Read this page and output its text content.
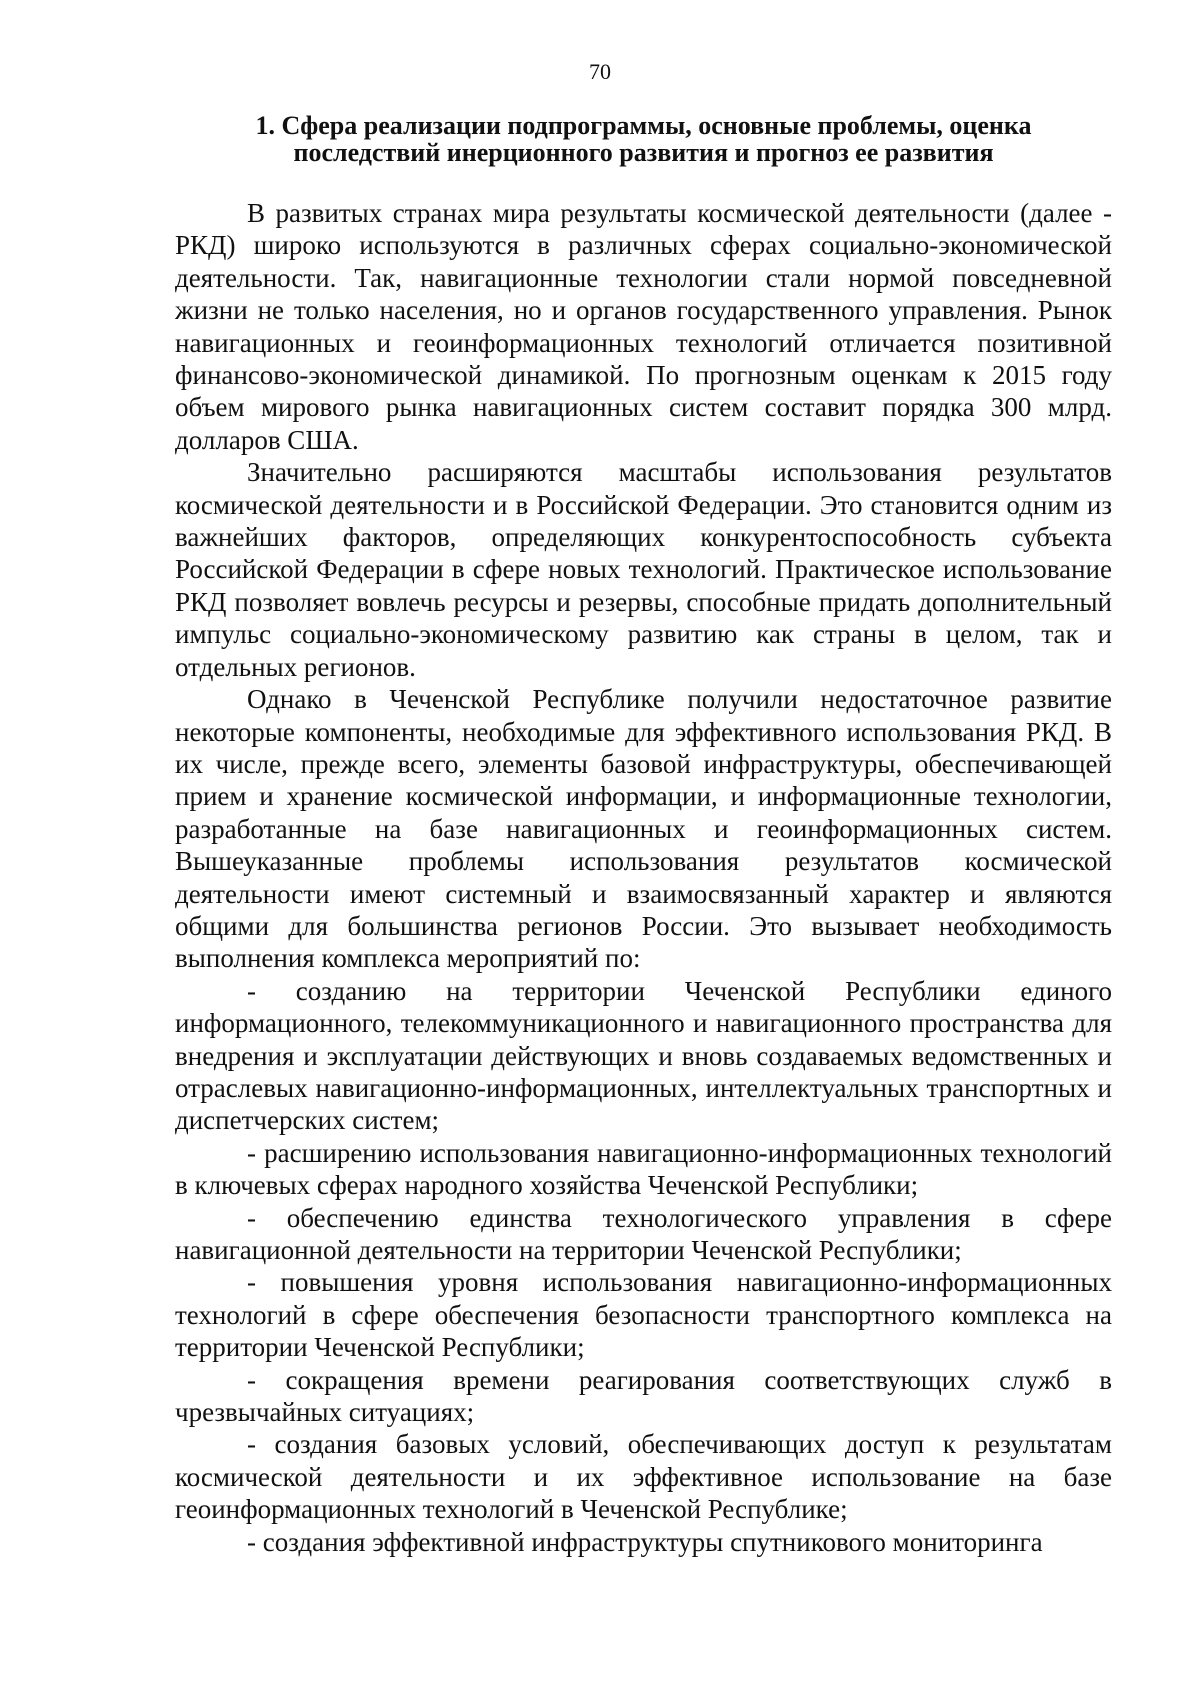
70
1. Сфера реализации подпрограммы, основные проблемы, оценка
последствий инерционного развития и прогноз ее развития

В развитых странах мира результаты космической деятельности (далее - РКД) широко используются в различных сферах социально-экономической деятельности. Так, навигационные технологии стали нормой повседневной жизни не только населения, но и органов государственного управления. Рынок навигационных и геоинформационных технологий отличается позитивной финансово-экономической динамикой. По прогнозным оценкам к 2015 году объем мирового рынка навигационных систем составит порядка 300 млрд. долларов США.

Значительно расширяются масштабы использования результатов космической деятельности и в Российской Федерации. Это становится одним из важнейших факторов, определяющих конкурентоспособность субъекта Российской Федерации в сфере новых технологий. Практическое использование РКД позволяет вовлечь ресурсы и резервы, способные придать дополнительный импульс социально-экономическому развитию как страны в целом, так и отдельных регионов.

Однако в Чеченской Республике получили недостаточное развитие некоторые компоненты, необходимые для эффективного использования РКД. В их числе, прежде всего, элементы базовой инфраструктуры, обеспечивающей прием и хранение космической информации, и информационные технологии, разработанные на базе навигационных и геоинформационных систем. Вышеуказанные проблемы использования результатов космической деятельности имеют системный и взаимосвязанный характер и являются общими для большинства регионов России. Это вызывает необходимость выполнения комплекса мероприятий по:

- созданию на территории Чеченской Республики единого информационного, телекоммуникационного и навигационного пространства для внедрения и эксплуатации действующих и вновь создаваемых ведомственных и отраслевых навигационно-информационных, интеллектуальных транспортных и диспетчерских систем;

- расширению использования навигационно-информационных технологий в ключевых сферах народного хозяйства Чеченской Республики;

- обеспечению единства технологического управления в сфере навигационной деятельности на территории Чеченской Республики;

- повышения уровня использования навигационно-информационных технологий в сфере обеспечения безопасности транспортного комплекса на территории Чеченской Республики;

- сокращения времени реагирования соответствующих служб в чрезвычайных ситуациях;

- создания базовых условий, обеспечивающих доступ к результатам космической деятельности и их эффективное использование на базе геоинформационных технологий в Чеченской Республике;

- создания эффективной инфраструктуры спутникового мониторинга
